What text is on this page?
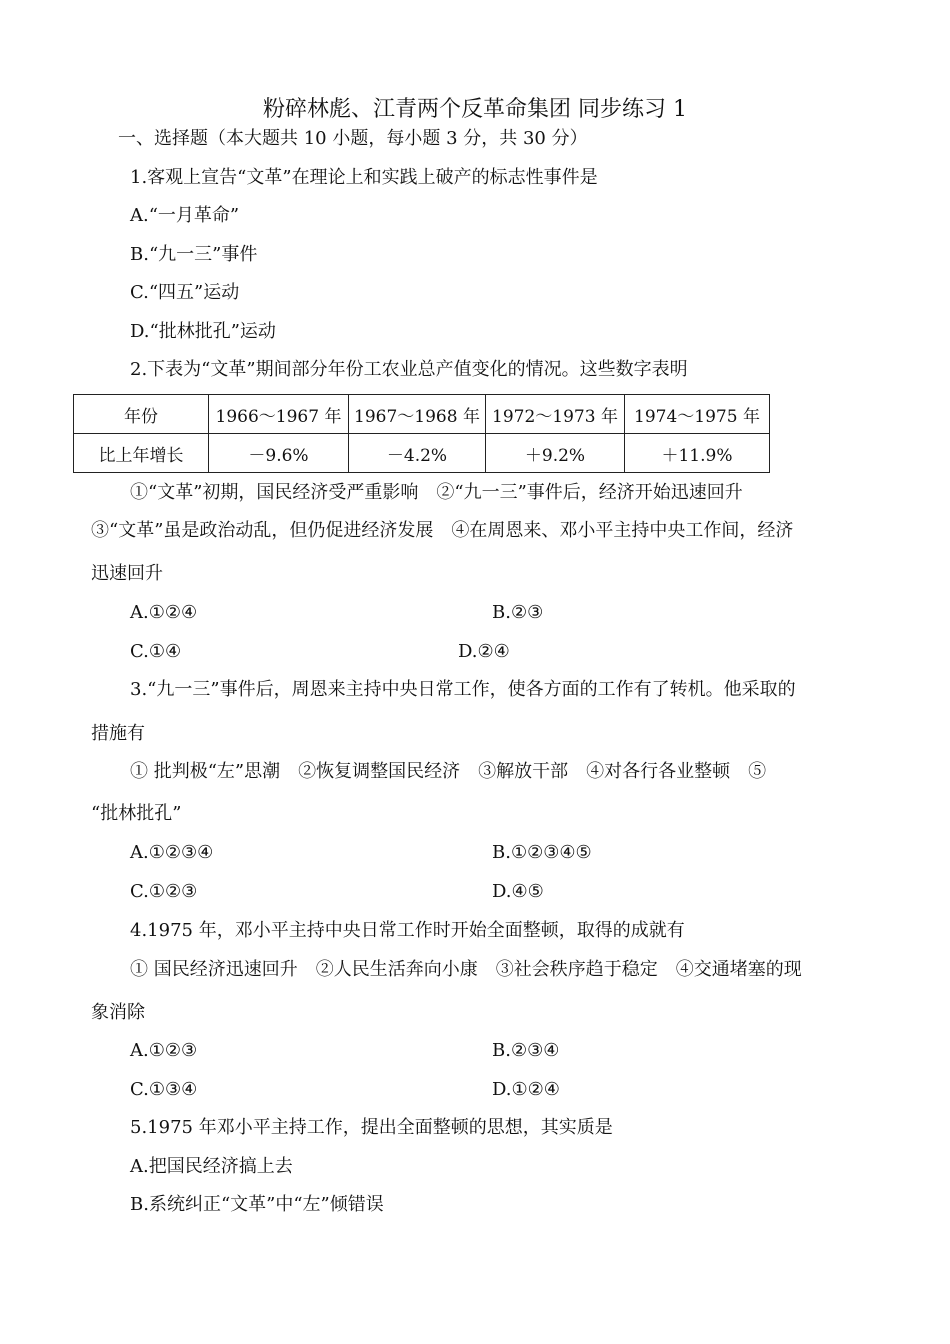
粉碎林彪、江青两个反革命集团 同步练习 1
一、选择题（本大题共 10 小题，每小题 3 分，共 30 分）
1.客观上宣告“文革”在理论上和实践上破产的标志性事件是
A.“一月革命”
B.“九一三”事件
C.“四五”运动
D.“批林批孔”运动
2.下表为“文革”期间部分年份工农业总产值变化的情况。这些数字表明
年份	1966～1967 年	1967～1968 年	1972～1973 年	1974～1975 年
比上年增长	－9.6%	－4.2%	＋9.2%	＋11.9%
①“文革”初期，国民经济受严重影响　②“九一三”事件后，经济开始迅速回升
③“文革”虽是政治动乱，但仍促进经济发展　④在周恩来、邓小平主持中央工作间，经济
迅速回升
A.①②④	B.②③
C.①④	D.②④
3.“九一三”事件后，周恩来主持中央日常工作，使各方面的工作有了转机。他采取的
措施有
① 批判极“左”思潮　②恢复调整国民经济　③解放干部　④对各行各业整顿　⑤
“批林批孔”
A.①②③④	B.①②③④⑤
C.①②③	D.④⑤
4.1975 年，邓小平主持中央日常工作时开始全面整顿，取得的成就有
① 国民经济迅速回升　②人民生活奔向小康　③社会秩序趋于稳定　④交通堵塞的现
象消除
A.①②③	B.②③④
C.①③④	D.①②④
5.1975 年邓小平主持工作，提出全面整顿的思想，其实质是
A.把国民经济搞上去
B.系统纠正“文革”中“左”倾错误
